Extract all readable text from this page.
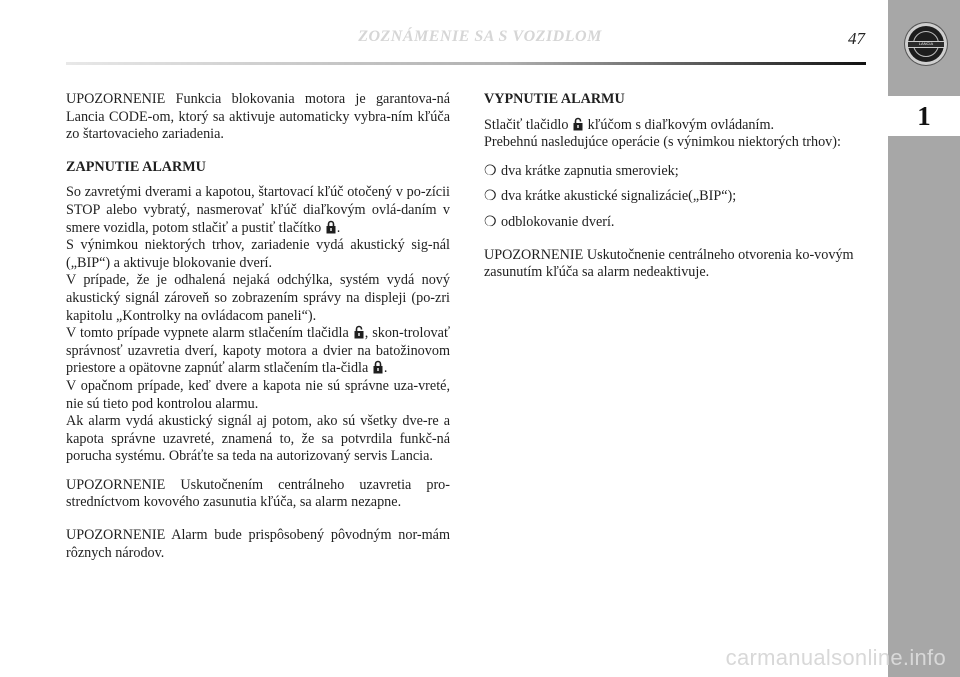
LANCIA
1
ZOZNÁMENIE SA S VOZIDLOM	47

UPOZORNENIE Funkcia blokovania motora je garantova-ná Lancia CODE-om, ktorý sa aktivuje automaticky vybra-ním kľúča zo štartovacieho zariadenia.

ZAPNUTIE ALARMU

So zavretými dverami a kapotou, štartovací kľúč otočený v po-zícii STOP alebo vybratý, nasmerovať kľúč diaľkovým ovlá-daním v smere vozidla, potom stlačiť a pustiť tlačítko .

S výnimkou niektorých trhov, zariadenie vydá akustický sig-nál („BIP“) a aktivuje blokovanie dverí.

V prípade, že je odhalená nejaká odchýlka, systém vydá nový akustický signál zároveň so zobrazením správy na displeji (po-zri kapitolu „Kontrolky na ovládacom paneli“).

V tomto prípade vypnete alarm stlačením tlačidla , skon-trolovať správnosť uzavretia dverí, kapoty motora a dvier na batožinovom priestore a opätovne zapnúť alarm stlačením tla-čidla .

V opačnom prípade, keď dvere a kapota nie sú správne uza-vreté, nie sú tieto pod kontrolou alarmu.

Ak alarm vydá akustický signál aj potom, ako sú všetky dve-re a kapota správne uzavreté, znamená to, že sa potvrdila funkč-ná porucha systému. Obráťte sa teda na autorizovaný servis Lancia.

UPOZORNENIE Uskutočnením centrálneho uzavretia pro-stredníctvom kovového zasunutia kľúča, sa alarm nezapne.

UPOZORNENIE Alarm bude prispôsobený pôvodným nor-mám rôznych národov.

VYPNUTIE ALARMU

Stlačiť tlačidlo kľúčom s diaľkovým ovládaním.

Prebehnú nasledujúce operácie (s výnimkou niektorých trhov):

❍ dva krátke zapnutia smeroviek;

❍ dva krátke akustické signalizácie(„BIP“);

❍ odblokovanie dverí.

UPOZORNENIE Uskutočnenie centrálneho otvorenia ko-vovým zasunutím kľúča sa alarm nedeaktivuje.

carmanualsonline.info
